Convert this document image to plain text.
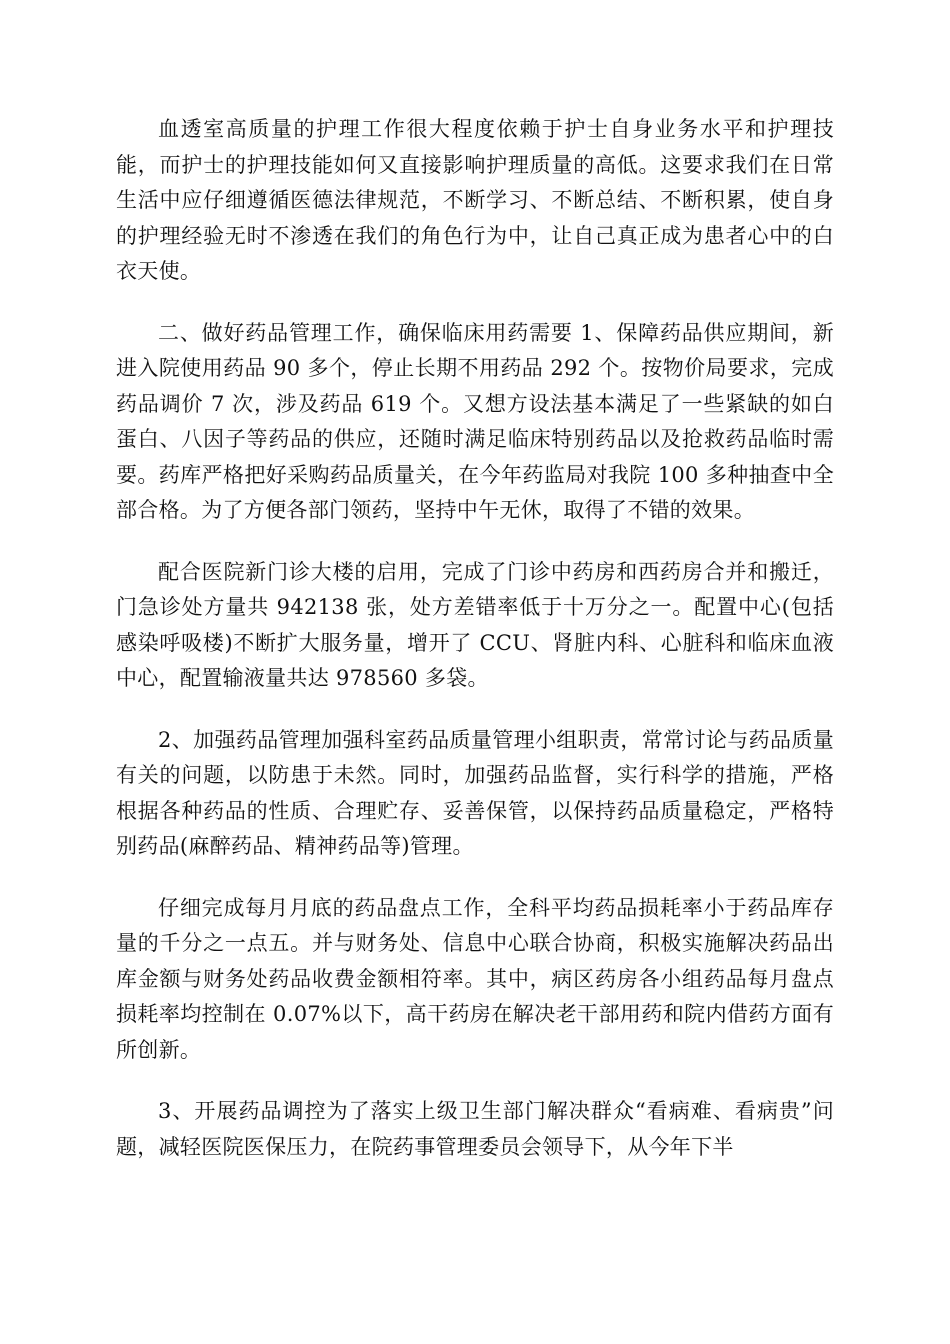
血透室高质量的护理工作很大程度依赖于护士自身业务水平和护理技能，而护士的护理技能如何又直接影响护理质量的高低。这要求我们在日常生活中应仔细遵循医德法律规范，不断学习、不断总结、不断积累，使自身的护理经验无时不渗透在我们的角色行为中，让自己真正成为患者心中的白衣天使。

二、做好药品管理工作，确保临床用药需要 1、保障药品供应期间，新进入院使用药品 90 多个，停止长期不用药品 292 个。按物价局要求，完成药品调价 7 次，涉及药品 619 个。又想方设法基本满足了一些紧缺的如白蛋白、八因子等药品的供应，还随时满足临床特别药品以及抢救药品临时需要。药库严格把好采购药品质量关，在今年药监局对我院 100 多种抽查中全部合格。为了方便各部门领药，坚持中午无休，取得了不错的效果。

配合医院新门诊大楼的启用，完成了门诊中药房和西药房合并和搬迁，门急诊处方量共 942138 张，处方差错率低于十万分之一。配置中心(包括感染呼吸楼)不断扩大服务量，增开了 CCU、肾脏内科、心脏科和临床血液中心，配置输液量共达 978560 多袋。

2、加强药品管理加强科室药品质量管理小组职责，常常讨论与药品质量有关的问题，以防患于未然。同时，加强药品监督，实行科学的措施，严格根据各种药品的性质、合理贮存、妥善保管，以保持药品质量稳定，严格特别药品(麻醉药品、精神药品等)管理。

仔细完成每月月底的药品盘点工作，全科平均药品损耗率小于药品库存量的千分之一点五。并与财务处、信息中心联合协商，积极实施解决药品出库金额与财务处药品收费金额相符率。其中，病区药房各小组药品每月盘点损耗率均控制在 0.07%以下，高干药房在解决老干部用药和院内借药方面有所创新。

3、开展药品调控为了落实上级卫生部门解决群众“看病难、看病贵”问题，减轻医院医保压力，在院药事管理委员会领导下，从今年下半
